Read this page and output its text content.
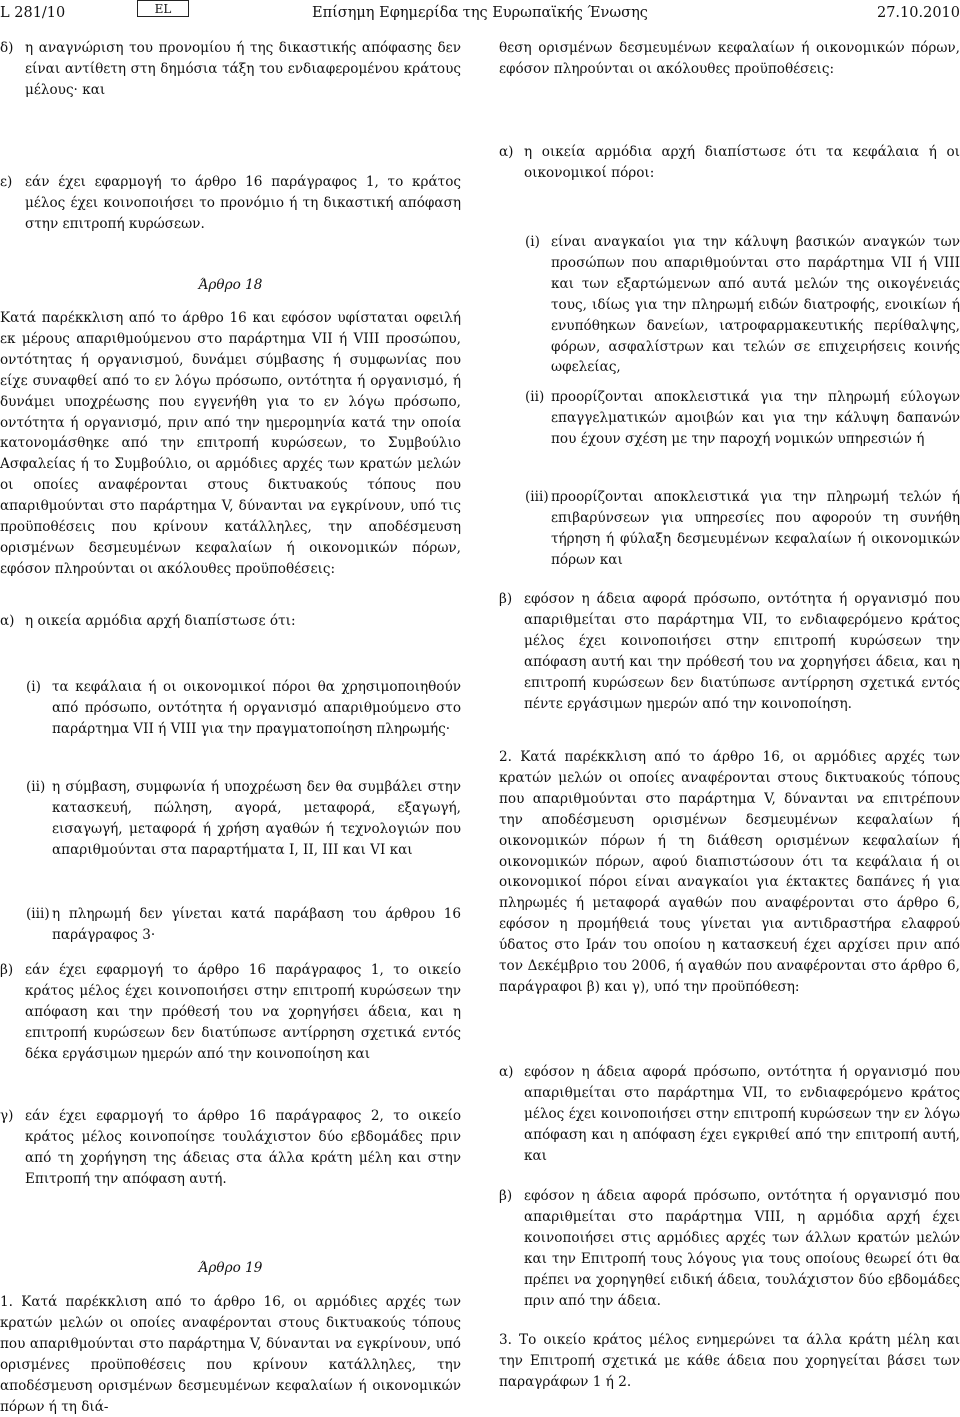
L 281/10	EL	Επίσημη Εφημερίδα της Ευρωπαϊκής Ένωσης	27.10.2010
δ) η αναγνώριση του προνομίου ή της δικαστικής απόφασης δεν είναι αντίθετη στη δημόσια τάξη του ενδιαφερομένου κράτους μέλους· και
ε) εάν έχει εφαρμογή το άρθρο 16 παράγραφος 1, το κράτος μέλος έχει κοινοποιήσει το προνόμιο ή τη δικαστική απόφαση στην επιτροπή κυρώσεων.
Άρθρο 18
Κατά παρέκκλιση από το άρθρο 16 και εφόσον υφίσταται οφειλή εκ μέρους απαριθμούμενου στο παράρτημα VII ή VIII προσώπου, οντότητας ή οργανισμού, δυνάμει σύμβασης ή συμφωνίας που είχε συναφθεί από το εν λόγω πρόσωπο, οντότητα ή οργανισμό, ή δυνάμει υποχρέωσης που εγγενήθη για το εν λόγω πρόσωπο, οντότητα ή οργανισμό, πριν από την ημερομηνία κατά την οποία κατονομάσθηκε από την επιτροπή κυρώσεων, το Συμβούλιο Ασφαλείας ή το Συμβούλιο, οι αρμόδιες αρχές των κρατών μελών οι οποίες αναφέρονται στους δικτυακούς τόπους που απαριθμούνται στο παράρτημα V, δύνανται να εγκρίνουν, υπό τις προϋποθέσεις που κρίνουν κατάλληλες, την αποδέσμευση ορισμένων δεσμευμένων κεφαλαίων ή οικονομικών πόρων, εφόσον πληρούνται οι ακόλουθες προϋποθέσεις:
α) η οικεία αρμόδια αρχή διαπίστωσε ότι:
(i) τα κεφάλαια ή οι οικονομικοί πόροι θα χρησιμοποιηθούν από πρόσωπο, οντότητα ή οργανισμό απαριθμούμενο στο παράρτημα VII ή VIII για την πραγματοποίηση πληρωμής·
(ii) η σύμβαση, συμφωνία ή υποχρέωση δεν θα συμβάλει στην κατασκευή, πώληση, αγορά, μεταφορά, εξαγωγή, εισαγωγή, μεταφορά ή χρήση αγαθών ή τεχνολογιών που απαριθμούνται στα παραρτήματα I, II, III και VI και
(iii) η πληρωμή δεν γίνεται κατά παράβαση του άρθρου 16 παράγραφος 3·
β) εάν έχει εφαρμογή το άρθρο 16 παράγραφος 1, το οικείο κράτος μέλος έχει κοινοποιήσει στην επιτροπή κυρώσεων την απόφαση και την πρόθεσή του να χορηγήσει άδεια, και η επιτροπή κυρώσεων δεν διατύπωσε αντίρρηση σχετικά εντός δέκα εργάσιμων ημερών από την κοινοποίηση και
γ) εάν έχει εφαρμογή το άρθρο 16 παράγραφος 2, το οικείο κράτος μέλος κοινοποίησε τουλάχιστον δύο εβδομάδες πριν από τη χορήγηση της άδειας στα άλλα κράτη μέλη και στην Επιτροπή την απόφαση αυτή.
Άρθρο 19
1. Κατά παρέκκλιση από το άρθρο 16, οι αρμόδιες αρχές των κρατών μελών οι οποίες αναφέρονται στους δικτυακούς τόπους που απαριθμούνται στο παράρτημα V, δύνανται να εγκρίνουν, υπό ορισμένες προϋποθέσεις που κρίνουν κατάλληλες, την αποδέσμευση ορισμένων δεσμευμένων κεφαλαίων ή οικονομικών πόρων ή τη διά-
θεση ορισμένων δεσμευμένων κεφαλαίων ή οικονομικών πόρων, εφόσον πληρούνται οι ακόλουθες προϋποθέσεις:
α) η οικεία αρμόδια αρχή διαπίστωσε ότι τα κεφάλαια ή οι οικονομικοί πόροι:
(i) είναι αναγκαίοι για την κάλυψη βασικών αναγκών των προσώπων που απαριθμούνται στο παράρτημα VII ή VIII και των εξαρτώμενων από αυτά μελών της οικογένειάς τους, ιδίως για την πληρωμή ειδών διατροφής, ενοικίων ή ενυπόθηκων δανείων, ιατροφαρμακευτικής περίθαλψης, φόρων, ασφαλίστρων και τελών σε επιχειρήσεις κοινής ωφελείας,
(ii) προορίζονται αποκλειστικά για την πληρωμή εύλογων επαγγελματικών αμοιβών και για την κάλυψη δαπανών που έχουν σχέση με την παροχή νομικών υπηρεσιών ή
(iii) προορίζονται αποκλειστικά για την πληρωμή τελών ή επιβαρύνσεων για υπηρεσίες που αφορούν τη συνήθη τήρηση ή φύλαξη δεσμευμένων κεφαλαίων ή οικονομικών πόρων και
β) εφόσον η άδεια αφορά πρόσωπο, οντότητα ή οργανισμό που απαριθμείται στο παράρτημα VII, το ενδιαφερόμενο κράτος μέλος έχει κοινοποιήσει στην επιτροπή κυρώσεων την απόφαση αυτή και την πρόθεσή του να χορηγήσει άδεια, και η επιτροπή κυρώσεων δεν διατύπωσε αντίρρηση σχετικά εντός πέντε εργάσιμων ημερών από την κοινοποίηση.
2. Κατά παρέκκλιση από το άρθρο 16, οι αρμόδιες αρχές των κρατών μελών οι οποίες αναφέρονται στους δικτυακούς τόπους που απαριθμούνται στο παράρτημα V, δύνανται να επιτρέπουν την αποδέσμευση ορισμένων δεσμευμένων κεφαλαίων ή οικονομικών πόρων ή τη διάθεση ορισμένων κεφαλαίων ή οικονομικών πόρων, αφού διαπιστώσουν ότι τα κεφάλαια ή οι οικονομικοί πόροι είναι αναγκαίοι για έκτακτες δαπάνες ή για πληρωμές ή μεταφορά αγαθών που αναφέρονται στο άρθρο 6, εφόσον η προμήθειά τους γίνεται για αντιδραστήρα ελαφρού ύδατος στο Ιράν του οποίου η κατασκευή έχει αρχίσει πριν από τον Δεκέμβριο του 2006, ή αγαθών που αναφέρονται στο άρθρο 6, παράγραφοι β) και γ), υπό την προϋπόθεση:
α) εφόσον η άδεια αφορά πρόσωπο, οντότητα ή οργανισμό που απαριθμείται στο παράρτημα VII, το ενδιαφερόμενο κράτος μέλος έχει κοινοποιήσει στην επιτροπή κυρώσεων την εν λόγω απόφαση και η απόφαση έχει εγκριθεί από την επιτροπή αυτή, και
β) εφόσον η άδεια αφορά πρόσωπο, οντότητα ή οργανισμό που απαριθμείται στο παράρτημα VIII, η αρμόδια αρχή έχει κοινοποιήσει στις αρμόδιες αρχές των άλλων κρατών μελών και την Επιτροπή τους λόγους για τους οποίους θεωρεί ότι θα πρέπει να χορηγηθεί ειδική άδεια, τουλάχιστον δύο εβδομάδες πριν από την άδεια.
3. Το οικείο κράτος μέλος ενημερώνει τα άλλα κράτη μέλη και την Επιτροπή σχετικά με κάθε άδεια που χορηγείται βάσει των παραγράφων 1 ή 2.
